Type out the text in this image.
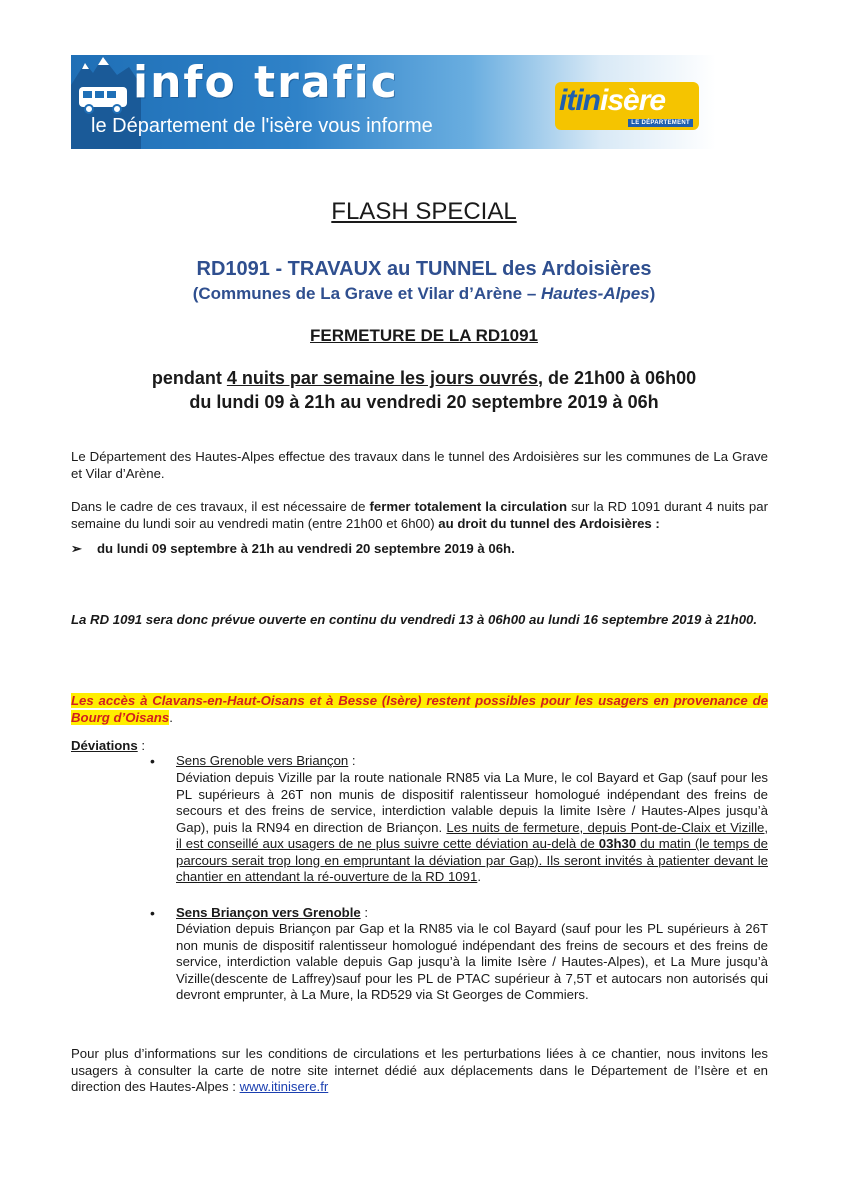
info trafic
le Département de l'isère vous informe
itinisère
LE DÉPARTEMENT
FLASH SPECIAL
RD1091 - TRAVAUX au TUNNEL des Ardoisières
(Communes de La Grave et Vilar d’Arène – Hautes-Alpes)
FERMETURE DE LA RD1091
pendant 4 nuits par semaine les jours ouvrés, de 21h00 à 06h00
du lundi 09 à 21h au vendredi 20 septembre 2019 à 06h
Le Département des Hautes-Alpes effectue des travaux dans le tunnel des Ardoisières sur les communes de La Grave et Vilar d’Arène.
Dans le cadre de ces travaux, il est nécessaire de fermer totalement la circulation sur la RD 1091 durant 4 nuits par semaine du lundi soir au vendredi matin (entre 21h00 et 6h00) au droit du tunnel des Ardoisières :
➢ du lundi 09 septembre à 21h au vendredi 20 septembre 2019 à 06h.
La RD 1091 sera donc prévue ouverte en continu du vendredi 13 à 06h00 au lundi 16 septembre 2019 à 21h00.
Les accès à Clavans-en-Haut-Oisans et à Besse (Isère) restent possibles pour les usagers en provenance de Bourg d’Oisans.
Déviations :
• Sens Grenoble vers Briançon :
Déviation depuis Vizille par la route nationale RN85 via La Mure, le col Bayard et Gap (sauf pour les PL supérieurs à 26T non munis de dispositif ralentisseur homologué indépendant des freins de secours et des freins de service, interdiction valable depuis la limite Isère / Hautes-Alpes jusqu’à Gap), puis la RN94 en direction de Briançon. Les nuits de fermeture, depuis Pont-de-Claix et Vizille, il est conseillé aux usagers de ne plus suivre cette déviation au-delà de 03h30 du matin (le temps de parcours serait trop long en empruntant la déviation par Gap). Ils seront invités à patienter devant le chantier en attendant la ré-ouverture de la RD 1091.
• Sens Briançon vers Grenoble :
Déviation depuis Briançon par Gap et la RN85 via le col Bayard (sauf pour les PL supérieurs à 26T non munis de dispositif ralentisseur homologué indépendant des freins de secours et des freins de service, interdiction valable depuis Gap jusqu’à la limite Isère / Hautes-Alpes), et La Mure jusqu’à Vizille(descente de Laffrey)sauf pour les PL de PTAC supérieur à 7,5T et autocars non autorisés qui devront emprunter, à La Mure, la RD529 via St Georges de Commiers.
Pour plus d’informations sur les conditions de circulations et les perturbations liées à ce chantier, nous invitons les usagers à consulter la carte de notre site internet dédié aux déplacements dans le Département de l’Isère et en direction des Hautes-Alpes : www.itinisere.fr
